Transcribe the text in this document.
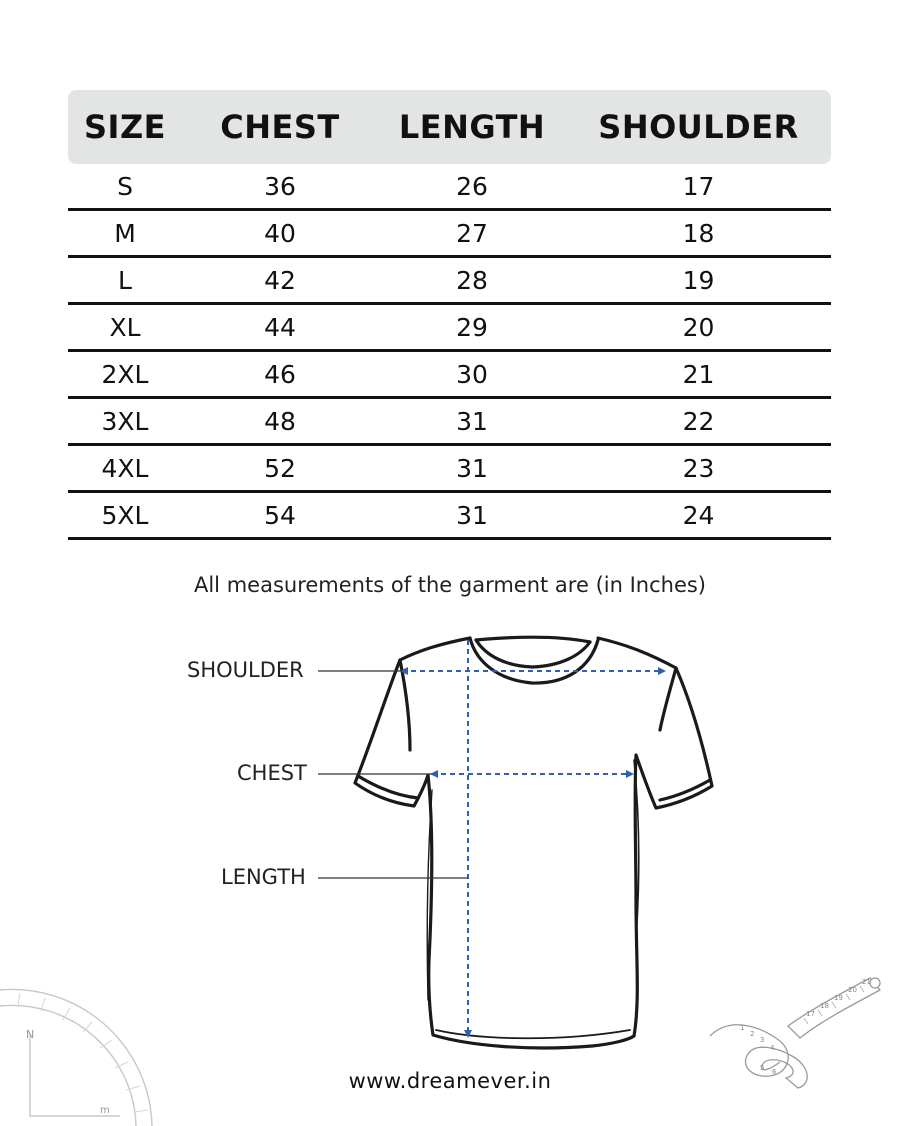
SIZE	CHEST	LENGTH	SHOULDER
S	36	26	17
M	40	27	18
L	42	28	19
XL	44	29	20
2XL	46	30	21
3XL	48	31	22
4XL	52	31	23
5XL	54	31	24
All measurements of the garment are (in Inches)
SHOULDER
CHEST
LENGTH
N
m
17
18
19
20
21
1
2
3
4
5 6
www.dreamever.in
